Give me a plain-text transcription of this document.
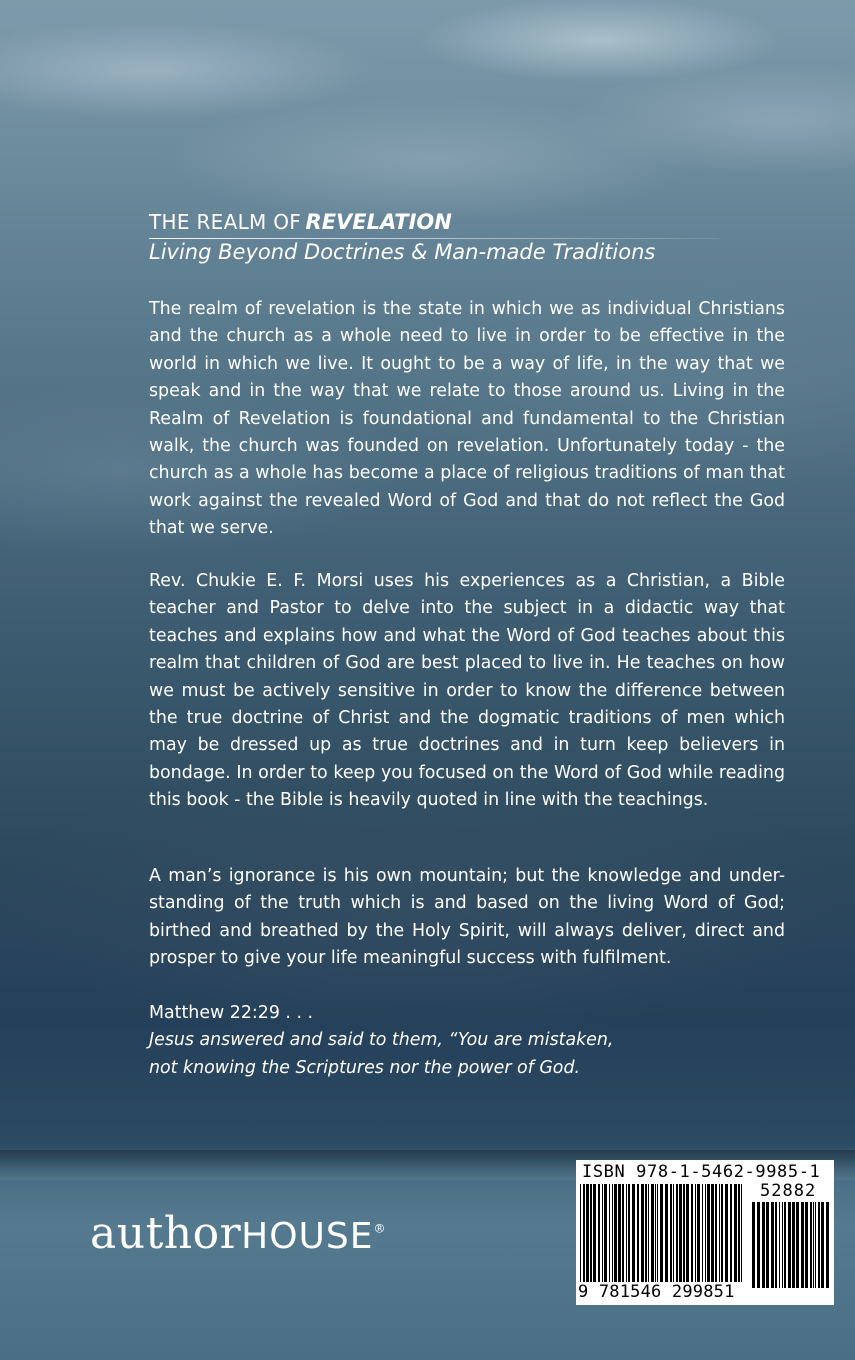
THE REALM OF REVELATION
Living Beyond Doctrines & Man-made Traditions

The realm of revelation is the state in which we as individual Christians and the church as a whole need to live in order to be effective in the world in which we live. It ought to be a way of life, in the way that we speak and in the way that we relate to those around us. Living in the Realm of Revelation is foundational and fundamental to the Christian walk, the church was founded on revelation. Unfortunately today - the church as a whole has become a place of religious traditions of man that work against the revealed Word of God and that do not reflect the God that we serve.

Rev. Chukie E. F. Morsi uses his experiences as a Christian, a Bible teacher and Pastor to delve into the subject in a didactic way that teaches and explains how and what the Word of God teaches about this realm that children of God are best placed to live in. He teaches on how we must be actively sensitive in order to know the difference between the true doctrine of Christ and the dogmatic traditions of men which may be dressed up as true doctrines and in turn keep believers in bondage. In order to keep you focused on the Word of God while reading this book - the Bible is heavily quoted in line with the teachings.

A man’s ignorance is his own mountain; but the knowledge and under-standing of the truth which is and based on the living Word of God; birthed and breathed by the Holy Spirit, will always deliver, direct and prosper to give your life meaningful success with fulfilment.

Matthew 22:29 . . .
Jesus answered and said to them, “You are mistaken,
not knowing the Scriptures nor the power of God.
authorHOUSE®
ISBN 978-1-5462-9985-1
52882
9 781546 299851
